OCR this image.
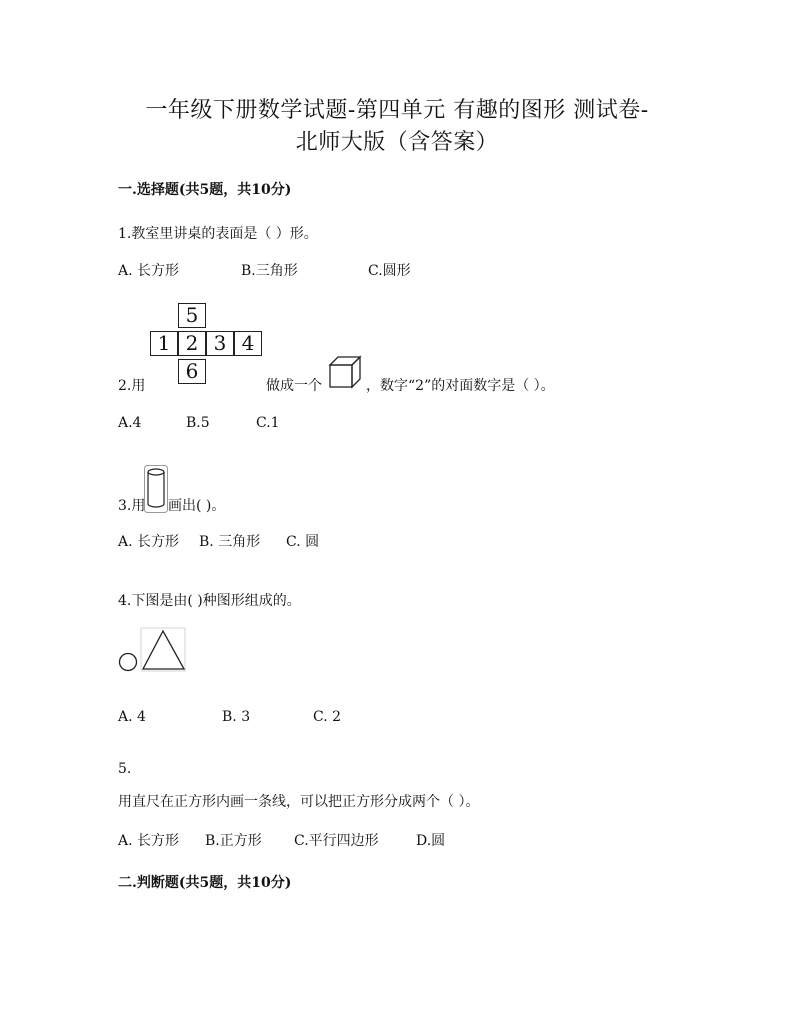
一年级下册数学试题-第四单元 有趣的图形 测试卷-
北师大版（含答案）
一.选择题(共5题，共10分)
1.教室里讲桌的表面是（ ）形。
A. 长方形	B.三角形	C.圆形
5
1 2 3 4
6
2.用	做成一个	，数字“2”的对面数字是（ ）。
A.4	B.5	C.1
3.用 画出( )。
A. 长方形 B. 三角形 C. 圆
4.下图是由( )种图形组成的。
A. 4	B. 3	C. 2
5.
用直尺在正方形内画一条线，可以把正方形分成两个（ ）。
A. 长方形 B.正方形 C.平行四边形	D.圆
二.判断题(共5题，共10分)
